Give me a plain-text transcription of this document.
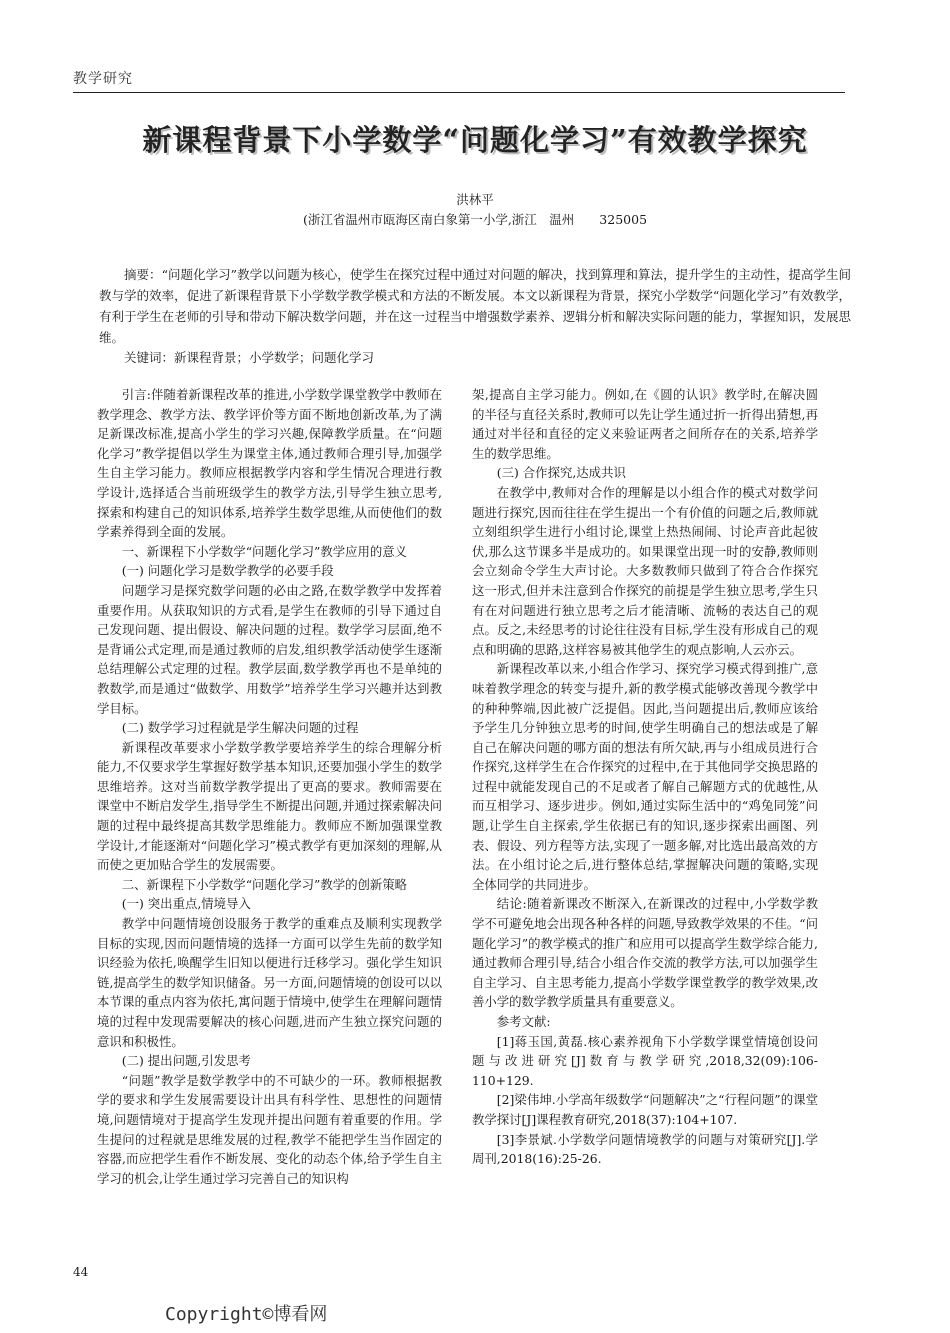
教学研究
新课程背景下小学数学“问题化学习”有效教学探究
洪林平
(浙江省温州市瓯海区南白象第一小学,浙江　温州　　325005
摘要：“问题化学习”教学以问题为核心，使学生在探究过程中通过对问题的解决，找到算理和算法，提升学生的主动性，提高学生间教与学的效率，促进了新课程背景下小学数学教学模式和方法的不断发展。本文以新课程为背景，探究小学数学“问题化学习”有效教学，有利于学生在老师的引导和带动下解决数学问题，并在这一过程当中增强数学素养、逻辑分析和解决实际问题的能力，掌握知识，发展思维。
关键词：新课程背景；小学数学；问题化学习

引言:伴随着新课程改革的推进,小学数学课堂教学中教师在教学理念、教学方法、教学评价等方面不断地创新改革,为了满足新课改标准,提高小学生的学习兴趣,保障教学质量。在“问题化学习”教学提倡以学生为课堂主体,通过教师合理引导,加强学生自主学习能力。教师应根据教学内容和学生情况合理进行教学设计,选择适合当前班级学生的教学方法,引导学生独立思考,探索和构建自己的知识体系,培养学生数学思维,从而使他们的数学素养得到全面的发展。

一、新课程下小学数学“问题化学习”教学应用的意义

(一) 问题化学习是数学教学的必要手段

问题学习是探究数学问题的必由之路,在数学教学中发挥着重要作用。从获取知识的方式看,是学生在教师的引导下通过自己发现问题、提出假设、解决问题的过程。数学学习层面,绝不是背诵公式定理,而是通过教师的启发,组织教学活动使学生逐渐总结理解公式定理的过程。教学层面,数学教学再也不是单纯的教数学,而是通过“做数学、用数学”培养学生学习兴趣并达到教学目标。

(二) 数学学习过程就是学生解决问题的过程

新课程改革要求小学数学教学要培养学生的综合理解分析能力,不仅要求学生掌握好数学基本知识,还要加强小学生的数学思维培养。这对当前数学教学提出了更高的要求。教师需要在课堂中不断启发学生,指导学生不断提出问题,并通过探索解决问题的过程中最终提高其数学思维能力。教师应不断加强课堂教学设计,才能逐渐对“问题化学习”模式教学有更加深刻的理解,从而使之更加贴合学生的发展需要。

二、新课程下小学数学“问题化学习”教学的创新策略

(一) 突出重点,情境导入

教学中问题情境创设服务于教学的重难点及顺利实现教学目标的实现,因而问题情境的选择一方面可以学生先前的数学知识经验为依托,唤醒学生旧知以便进行迁移学习。强化学生知识链,提高学生的数学知识储备。另一方面,问题情境的创设可以以本节课的重点内容为依托,寓问题于情境中,使学生在理解问题情境的过程中发现需要解决的核心问题,进而产生独立探究问题的意识和积极性。

(二) 提出问题,引发思考

“问题”教学是数学教学中的不可缺少的一环。教师根据教学的要求和学生发展需要设计出具有科学性、思想性的问题情境,问题情境对于提高学生发现并提出问题有着重要的作用。学生提问的过程就是思维发展的过程,教学不能把学生当作固定的容器,而应把学生看作不断发展、变化的动态个体,给予学生自主学习的机会,让学生通过学习完善自己的知识构

架,提高自主学习能力。例如,在《圆的认识》教学时,在解决圆的半径与直径关系时,教师可以先让学生通过折一折得出猜想,再通过对半径和直径的定义来验证两者之间所存在的关系,培养学生的数学思维。

(三) 合作探究,达成共识

在教学中,教师对合作的理解是以小组合作的模式对数学问题进行探究,因而往往在学生提出一个有价值的问题之后,教师就立刻组织学生进行小组讨论,课堂上热热闹闹、讨论声音此起彼伏,那么这节课多半是成功的。如果课堂出现一时的安静,教师则会立刻命令学生大声讨论。大多数教师只做到了符合合作探究这一形式,但并未注意到合作探究的前提是学生独立思考,学生只有在对问题进行独立思考之后才能清晰、流畅的表达自己的观点。反之,未经思考的讨论往往没有目标,学生没有形成自己的观点和明确的思路,这样容易被其他学生的观点影响,人云亦云。

新课程改革以来,小组合作学习、探究学习模式得到推广,意味着教学理念的转变与提升,新的教学模式能够改善现今教学中的种种弊端,因此被广泛提倡。因此,当问题提出后,教师应该给予学生几分钟独立思考的时间,使学生明确自己的想法或是了解自己在解决问题的哪方面的想法有所欠缺,再与小组成员进行合作探究,这样学生在合作探究的过程中,在于其他同学交换思路的过程中就能发现自己的不足或者了解自己解题方式的优越性,从而互相学习、逐步进步。例如,通过实际生活中的“鸡兔同笼”问题,让学生自主探索,学生依据已有的知识,逐步探索出画图、列表、假设、列方程等方法,实现了一题多解,对比选出最高效的方法。在小组讨论之后,进行整体总结,掌握解决问题的策略,实现全体同学的共同进步。

结论:随着新课改不断深入,在新课改的过程中,小学数学教学不可避免地会出现各种各样的问题,导致教学效果的不佳。“问题化学习”的教学模式的推广和应用可以提高学生数学综合能力,通过教师合理引导,结合小组合作交流的教学方法,可以加强学生自主学习、自主思考能力,提高小学数学课堂教学的教学效果,改善小学的数学教学质量具有重要意义。

参考文献:

[1]蒋玉国,黄磊.核心素养视角下小学数学课堂情境创设问题与改进研究[J]数育与教学研究,2018,32(09):106-110+129.

[2]梁伟坤.小学高年级数学“问题解决”之“行程问题”的课堂教学探讨[J]课程教育研究,2018(37):104+107.

[3]李景斌.小学数学问题情境教学的问题与对策研究[J].学周刊,2018(16):25-26.

44
Copyright©博看网
